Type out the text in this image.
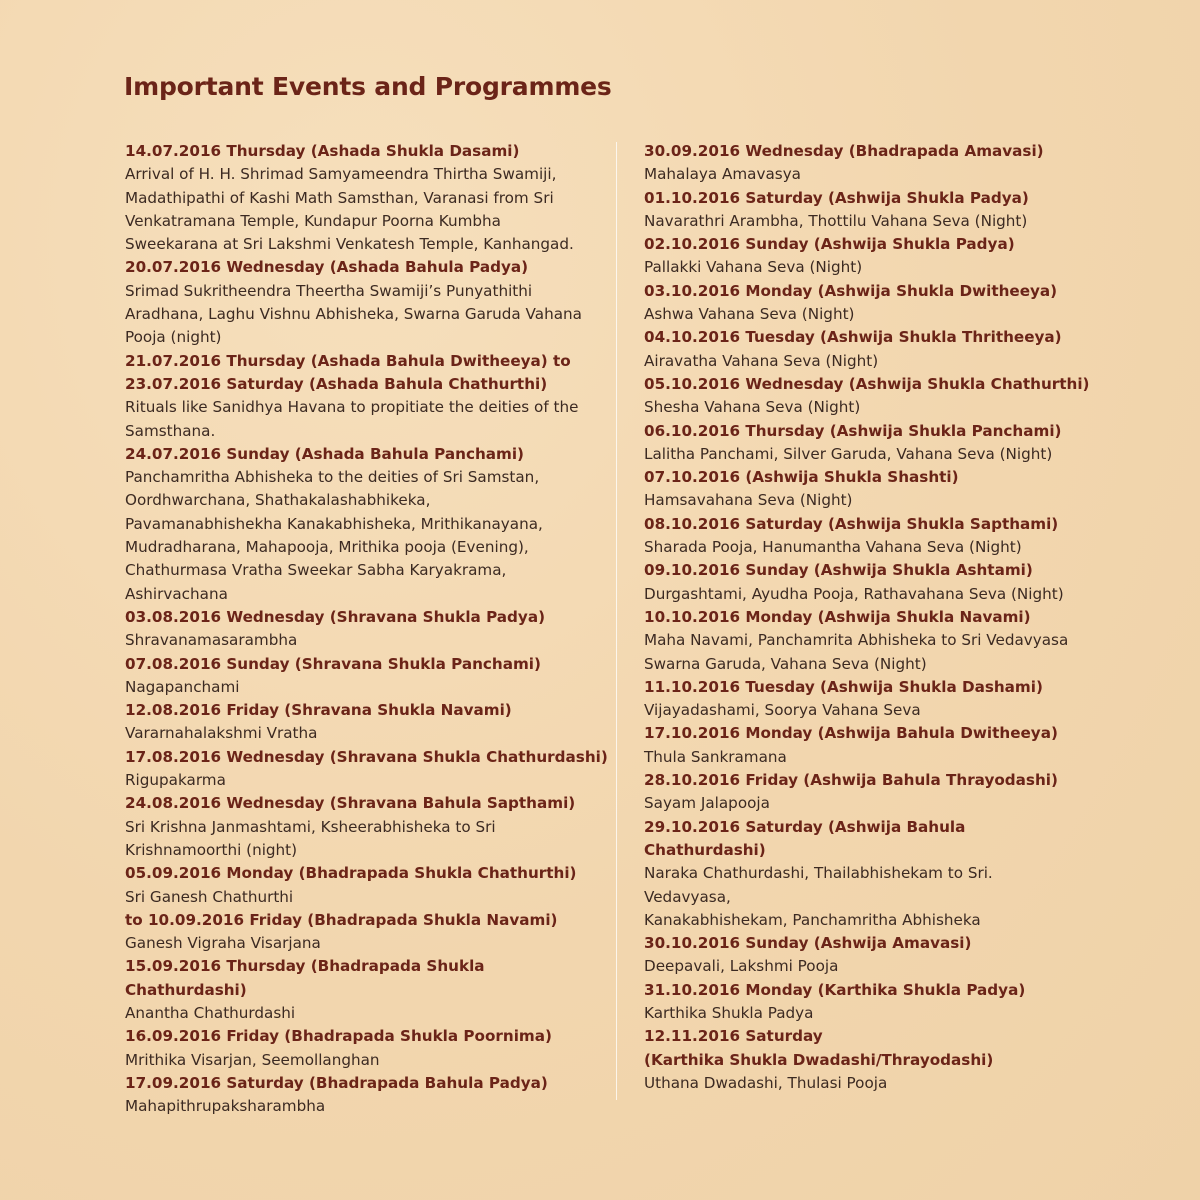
Important Events and Programmes
14.07.2016 Thursday (Ashada Shukla Dasami)
Arrival of H. H. Shrimad Samyameendra Thirtha Swamiji,
Madathipathi of Kashi Math Samsthan, Varanasi from Sri
Venkatramana Temple, Kundapur Poorna Kumbha
Sweekarana at Sri Lakshmi Venkatesh Temple, Kanhangad.
20.07.2016 Wednesday (Ashada Bahula Padya)
Srimad Sukritheendra Theertha Swamiji’s Punyathithi
Aradhana, Laghu Vishnu Abhisheka, Swarna Garuda Vahana
Pooja (night)
21.07.2016 Thursday (Ashada Bahula Dwitheeya) to
23.07.2016 Saturday (Ashada Bahula Chathurthi)
Rituals like Sanidhya Havana to propitiate the deities of the
Samsthana.
24.07.2016 Sunday (Ashada Bahula Panchami)
Panchamritha Abhisheka to the deities of Sri Samstan,
Oordhwarchana, Shathakalashabhikeka,
Pavamanabhishekha Kanakabhisheka, Mrithikanayana,
Mudradharana, Mahapooja, Mrithika pooja (Evening),
Chathurmasa Vratha Sweekar Sabha Karyakrama,
Ashirvachana
03.08.2016 Wednesday (Shravana Shukla Padya)
Shravanamasarambha
07.08.2016 Sunday (Shravana Shukla Panchami)
Nagapanchami
12.08.2016 Friday (Shravana Shukla Navami)
Vararnahalakshmi Vratha
17.08.2016 Wednesday (Shravana Shukla Chathurdashi)
Rigupakarma
24.08.2016 Wednesday (Shravana Bahula Sapthami)
Sri Krishna Janmashtami, Ksheerabhisheka to Sri
Krishnamoorthi (night)
05.09.2016 Monday (Bhadrapada Shukla Chathurthi)
Sri Ganesh Chathurthi
to 10.09.2016 Friday (Bhadrapada Shukla Navami)
Ganesh Vigraha Visarjana
15.09.2016 Thursday (Bhadrapada Shukla Chathurdashi)
Anantha Chathurdashi
16.09.2016 Friday (Bhadrapada Shukla Poornima)
Mrithika Visarjan, Seemollanghan
17.09.2016 Saturday (Bhadrapada Bahula Padya)
Mahapithrupaksharambha
30.09.2016 Wednesday (Bhadrapada Amavasi)
Mahalaya Amavasya
01.10.2016 Saturday (Ashwija Shukla Padya)
Navarathri Arambha, Thottilu Vahana Seva (Night)
02.10.2016 Sunday (Ashwija Shukla Padya)
Pallakki Vahana Seva (Night)
03.10.2016 Monday (Ashwija Shukla Dwitheeya)
Ashwa Vahana Seva (Night)
04.10.2016 Tuesday (Ashwija Shukla Thritheeya)
Airavatha Vahana Seva (Night)
05.10.2016 Wednesday (Ashwija Shukla Chathurthi)
Shesha Vahana Seva (Night)
06.10.2016 Thursday (Ashwija Shukla Panchami)
Lalitha Panchami, Silver Garuda, Vahana Seva (Night)
07.10.2016 (Ashwija Shukla Shashti)
Hamsavahana Seva (Night)
08.10.2016 Saturday (Ashwija Shukla Sapthami)
Sharada Pooja, Hanumantha Vahana Seva (Night)
09.10.2016 Sunday (Ashwija Shukla Ashtami)
Durgashtami, Ayudha Pooja, Rathavahana Seva (Night)
10.10.2016 Monday (Ashwija Shukla Navami)
Maha Navami, Panchamrita Abhisheka to Sri Vedavyasa
Swarna Garuda, Vahana Seva (Night)
11.10.2016 Tuesday (Ashwija Shukla Dashami)
Vijayadashami, Soorya Vahana Seva
17.10.2016 Monday (Ashwija Bahula Dwitheeya)
Thula Sankramana
28.10.2016 Friday (Ashwija Bahula Thrayodashi)
Sayam Jalapooja
29.10.2016 Saturday (Ashwija Bahula
Chathurdashi)
Naraka Chathurdashi, Thailabhishekam to Sri.
Vedavyasa,
Kanakabhishekam, Panchamritha Abhisheka
30.10.2016 Sunday (Ashwija Amavasi)
Deepavali, Lakshmi Pooja
31.10.2016 Monday (Karthika Shukla Padya)
Karthika Shukla Padya
12.11.2016 Saturday
(Karthika Shukla Dwadashi/Thrayodashi)
Uthana Dwadashi, Thulasi Pooja
